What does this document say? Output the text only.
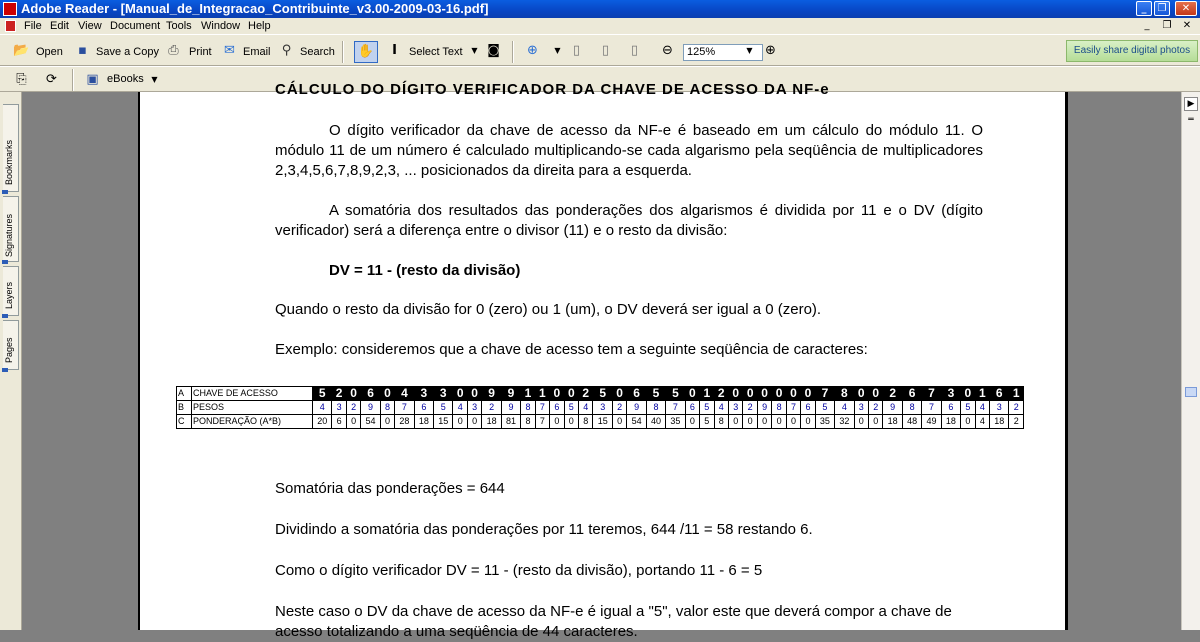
Adobe Reader - [Manual_de_Integracao_Contribuinte_v3.00-2009-03-16.pdf]	_	❐	✕
File Edit View Document Tools Window Help	_	❐ ✕
📂 Open	▪ Save a Copy ⎙ Print ✉ Email ⚲ Search	✋	I	Select Text	▼ ◙ ⊕	▼ ▯	▯	▯	⊖	125%	▼ ⊕	Easily share digital photos
⎘ ⟳ ▣ eBooks ▼
Bookmarks
Signatures
Layers
Pages
CÁLCULO DO DÍGITO VERIFICADOR DA CHAVE DE ACESSO DA NF-e
O dígito verificador da chave de acesso da NF-e é baseado em um cálculo do módulo 11. O módulo 11 de um número é calculado multiplicando-se cada algarismo pela seqüência de multiplicadores 2,3,4,5,6,7,8,9,2,3, ... posicionados da direita para a esquerda.
A somatória dos resultados das ponderações dos algarismos é dividida por 11 e o DV (dígito verificador) será a diferença entre o divisor (11) e o resto da divisão:
DV = 11 - (resto da divisão)
Quando o resto da divisão for 0 (zero) ou 1 (um), o DV deverá ser igual a 0 (zero).
Exemplo: consideremos que a chave de acesso tem a seguinte seqüência de caracteres:
A	CHAVE DE ACESSO	5	2	0	6	0	4	3	3	0	0	9	9	1	1	0	0	2	5	0	6	5	5	0	1	2	0	0	0	0	0	0	7	8	0	0	2	6	7	3	0	1	6	1
B	PESOS	4	3	2	9	8	7	6	5	4	3	2	9	8	7	6	5	4	3	2	9	8	7	6	5	4	3	2	9	8	7	6	5	4	3	2	9	8	7	6	5	4	3	2
C	PONDERAÇÃO (A*B)	20	6	0	54	0	28	18	15	0	0	18	81	8	7	0	0	8	15	0	54	40	35	0	5	8	0	0	0	0	0	0	35	32	0	0	18	48	49	18	0	4	18	2
Somatória das ponderações = 644
Dividindo a somatória das ponderações por 11 teremos, 644 /11 = 58 restando 6.
Como o dígito verificador DV = 11 - (resto da divisão), portando 11 - 6 = 5
Neste caso o DV da chave de acesso da NF-e é igual a "5", valor este que deverá compor a chave de acesso totalizando a uma seqüência de 44 caracteres.
▶
═
